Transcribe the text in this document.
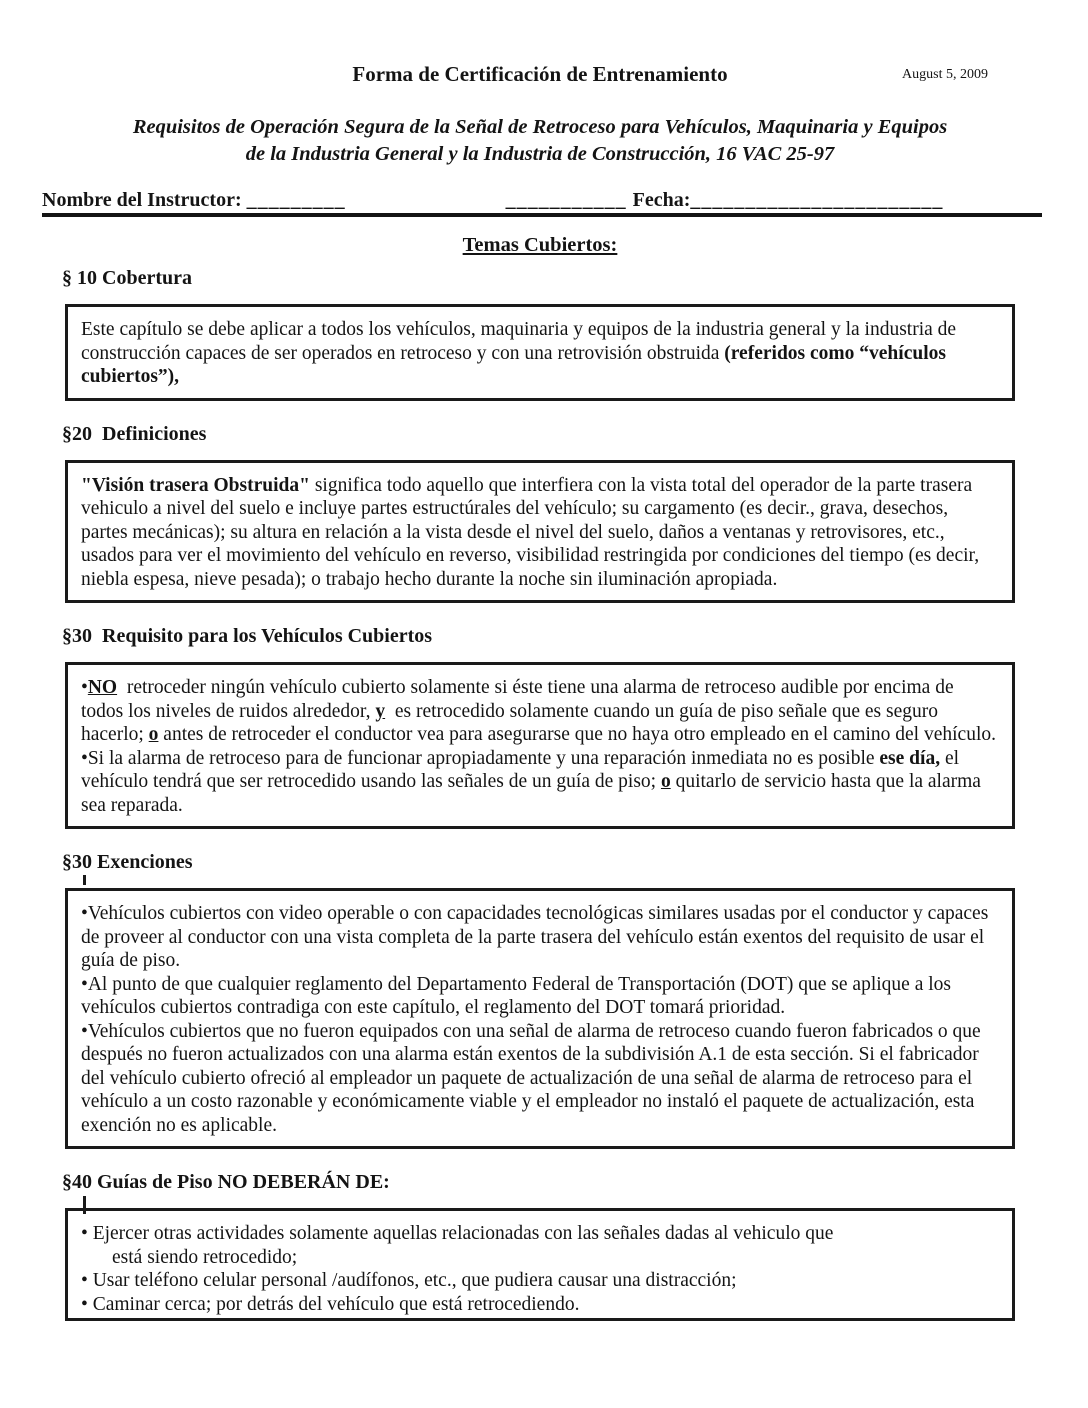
Forma de Certificación de Entrenamiento	August 5, 2009
Requisitos de Operación Segura de la Señal de Retroceso para Vehículos, Maquinaria y Equipos
de la Industria General y la Industria de Construcción, 16 VAC 25-97
Nombre del Instructor: _________	___________ Fecha: _______________________
Temas Cubiertos:
§ 10 Cobertura

Este capítulo se debe aplicar a todos los vehículos, maquinaria y equipos de la industria general y la industria de construcción capaces de ser operados en retroceso y con una retrovisión obstruida (referidos como “vehículos cubiertos”),

§20  Definiciones

"Visión trasera Obstruida" significa todo aquello que interfiera con la vista total del operador de la parte trasera vehiculo a nivel del suelo e incluye partes estructúrales del vehículo; su cargamento (es decir., grava, desechos, partes mecánicas); su altura en relación a la vista desde el nivel del suelo, daños a ventanas y retrovisores, etc., usados para ver el movimiento del vehículo en reverso, visibilidad restringida por condiciones del tiempo (es decir, niebla espesa, nieve pesada); o trabajo hecho durante la noche sin iluminación apropiada.

§30  Requisito para los Vehículos Cubiertos

•NO  retroceder ningún vehículo cubierto solamente si éste tiene una alarma de retroceso audible por encima de todos los niveles de ruidos alrededor, y  es retrocedido solamente cuando un guía de piso señale que es seguro hacerlo; o antes de retroceder el conductor vea para asegurarse que no haya otro empleado en el camino del vehículo.

•Si la alarma de retroceso para de funcionar apropiadamente y una reparación inmediata no es posible ese día, el vehículo tendrá que ser retrocedido usando las señales de un guía de piso; o quitarlo de servicio hasta que la alarma sea reparada.

§30 Exenciones

•Vehículos cubiertos con video operable o con capacidades tecnológicas similares usadas por el conductor y capaces de proveer al conductor con una vista completa de la parte trasera del vehículo están exentos del requisito de usar el guía de piso.

•Al punto de que cualquier reglamento del Departamento Federal de Transportación (DOT) que se aplique a los vehículos cubiertos contradiga con este capítulo, el reglamento del DOT tomará prioridad.

•Vehículos cubiertos que no fueron equipados con una señal de alarma de retroceso cuando fueron fabricados o que después no fueron actualizados con una alarma están exentos de la subdivisión A.1 de esta sección. Si el fabricador del vehículo cubierto ofreció al empleador un paquete de actualización de una señal de alarma de retroceso para el vehículo a un costo razonable y económicamente viable y el empleador no instaló el paquete de actualización, esta exención no es aplicable.

§40 Guías de Piso NO DEBERÁN DE:

• Ejercer otras actividades solamente aquellas relacionadas con las señales dadas al vehiculo que

está siendo retrocedido;

• Usar teléfono celular personal /audífonos, etc., que pudiera causar una distracción;

• Caminar cerca; por detrás del vehículo que está retrocediendo.
